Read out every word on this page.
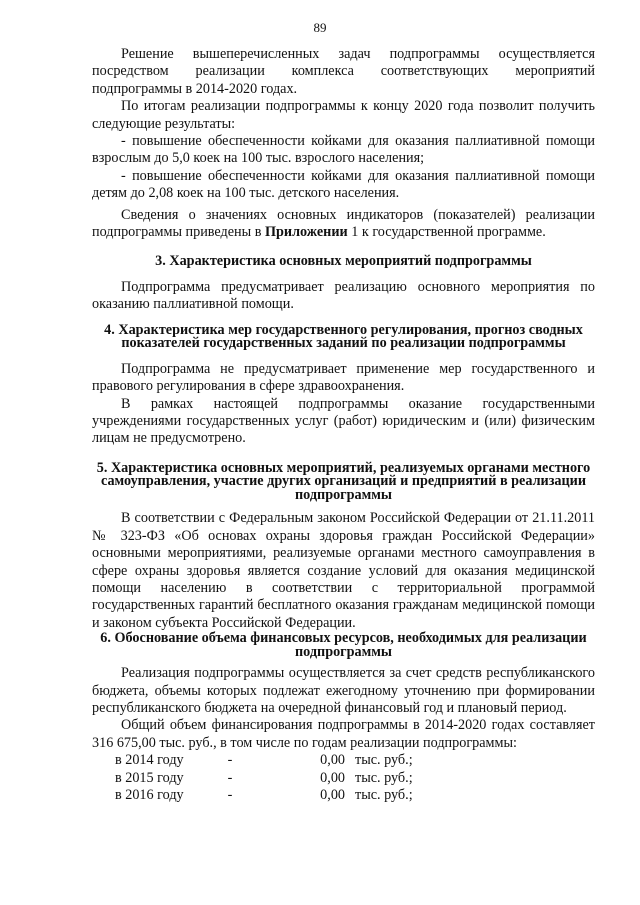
89

Решение вышеперечисленных задач подпрограммы осуществляется посредством реализации комплекса соответствующих мероприятий подпрограммы в 2014-2020 годах.

По итогам реализации подпрограммы к концу 2020 года позволит получить следующие результаты:

- повышение обеспеченности койками для оказания паллиативной помощи взрослым до 5,0 коек на 100 тыс. взрослого населения;

- повышение обеспеченности койками для оказания паллиативной помощи детям до 2,08 коек на 100 тыс. детского населения.

Сведения о значениях основных индикаторов (показателей) реализации подпрограммы приведены в Приложении 1 к государственной программе.

3. Характеристика основных мероприятий подпрограммы

Подпрограмма предусматривает реализацию основного мероприятия по оказанию паллиативной помощи.

4. Характеристика мер государственного регулирования, прогноз сводных показателей государственных заданий по реализации подпрограммы

Подпрограмма не предусматривает применение мер государственного и правового регулирования в сфере здравоохранения.

В рамках настоящей подпрограммы оказание государственными учреждениями государственных услуг (работ) юридическим и (или) физическим лицам не предусмотрено.

5. Характеристика основных мероприятий, реализуемых органами местного самоуправления, участие других организаций и предприятий в реализации подпрограммы

В соответствии с Федеральным законом Российской Федерации от 21.11.2011 № 323-ФЗ «Об основах охраны здоровья граждан Российской Федерации» основными мероприятиями, реализуемые органами местного самоуправления в сфере охраны здоровья является создание условий для оказания медицинской помощи населению в соответствии с территориальной программой государственных гарантий бесплатного оказания гражданам медицинской помощи и законом субъекта Российской Федерации.

6. Обоснование объема финансовых ресурсов, необходимых для реализации подпрограммы

Реализация подпрограммы осуществляется за счет средств республиканского бюджета, объемы которых подлежат ежегодному уточнению при формировании республиканского бюджета на очередной финансовый год и плановый период.

Общий объем финансирования подпрограммы в 2014-2020 годах составляет 316 675,00 тыс. руб., в том числе по годам реализации подпрограммы:

в 2014 году	-	0,00 тыс. руб.;
в 2015 году	-	0,00 тыс. руб.;
в 2016 году	-	0,00 тыс. руб.;
